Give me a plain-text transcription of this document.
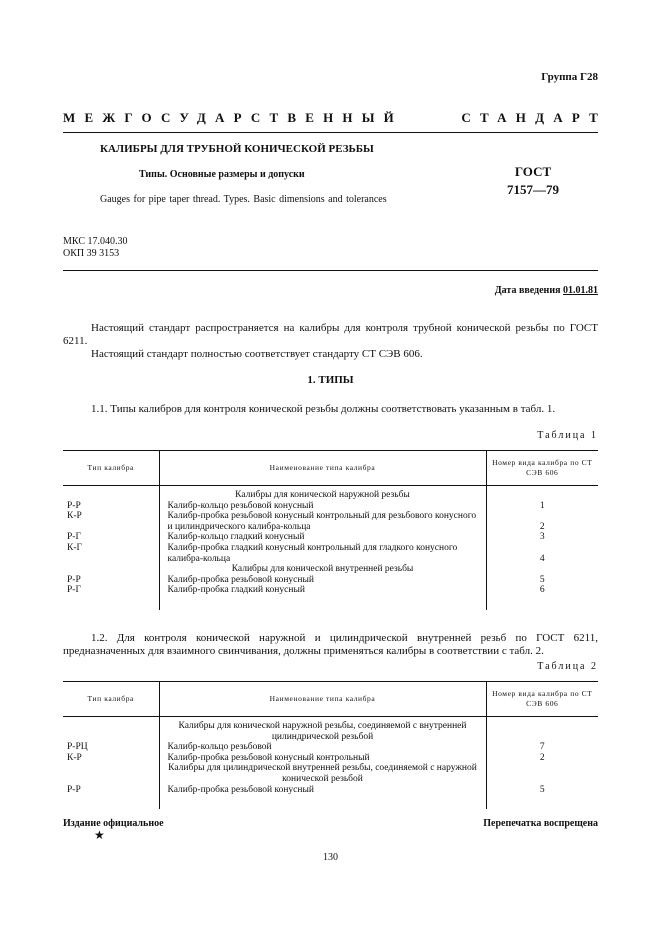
Группа Г28
МЕЖГОСУДАРСТВЕННЫЙ	СТАНДАРТ
КАЛИБРЫ ДЛЯ ТРУБНОЙ КОНИЧЕСКОЙ РЕЗЬБЫ
Типы. Основные размеры и допуски	ГОСТ
7157—79
Gauges for pipe taper thread. Types. Basic dimensions and tolerances
МКС 17.040.30
ОКП 39 3153
Дата введения 01.01.81
Настоящий стандарт распространяется на калибры для контроля трубной конической резьбы по ГОСТ 6211.
Настоящий стандарт полностью соответствует стандарту СТ СЭВ 606.
1. ТИПЫ
1.1. Типы калибров для контроля конической резьбы должны соответствовать указанным в табл. 1.
Таблица 1
Тип калибра	Наименование типа калибра	Номер вида калибра по СТ СЭВ 606

	Калибры для конической наружной резьбы	

Р-Р	Калибр-кольцо резьбовой конусный	1
К-Р	Калибр-пробка резьбовой конусный контрольный для резьбового конусного и цилиндрического калибра-кольца	2
Р-Г	Калибр-кольцо гладкий конусный	3
К-Г	Калибр-пробка гладкий конусный контрольный для гладкого конусного калибра-кольца	4

	Калибры для конической внутренней резьбы	

Р-Р	Калибр-пробка резьбовой конусный	5
Р-Г	Калибр-пробка гладкий конусный	6

1.2. Для контроля конической наружной и цилиндрической внутренней резьб по ГОСТ 6211, предназначенных для взаимного свинчивания, должны применяться калибры в соответствии с табл. 2.
Таблица 2
Тип калибра	Наименование типа калибра	Номер вида калибра по СТ СЭВ 606

	Калибры для конической наружной резьбы, соединяемой с внутренней цилиндрической резьбой	

Р-РЦ	Калибр-кольцо резьбовой	7
К-Р	Калибр-пробка резьбовой конусный контрольный	2

	Калибры для цилиндрической внутренней резьбы, соединяемой с наружной конической резьбой	

Р-Р	Калибр-пробка резьбовой конусный	5

Издание официальное	Перепечатка воспрещена
★
130
